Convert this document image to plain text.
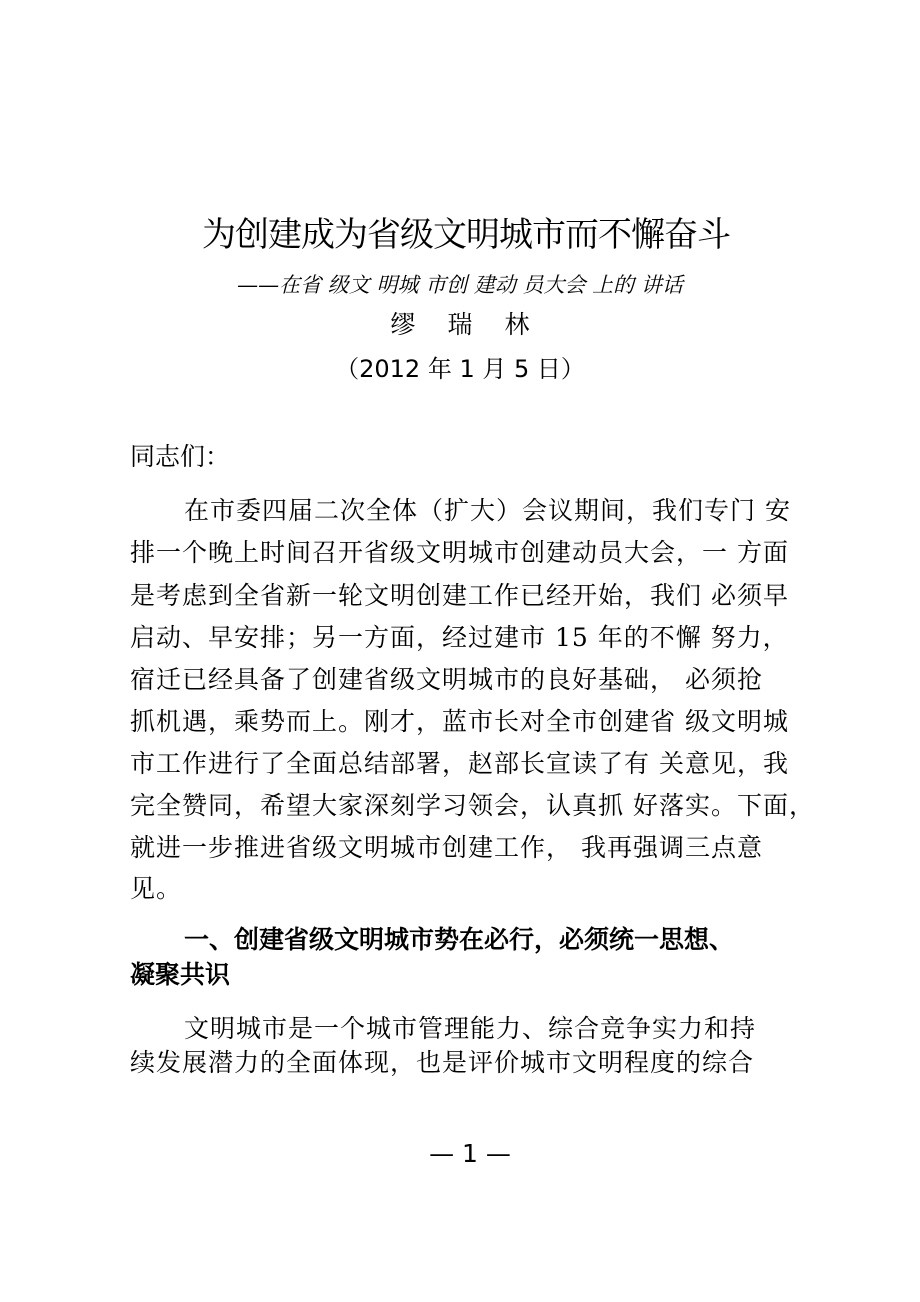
为创建成为省级文明城市而不懈奋斗
——在省 级文 明城 市创 建动 员大会 上的 讲话
缪 瑞 林
（2012 年 1 月 5 日）
同志们：
在市委四届二次全体（扩大）会议期间，我们专门 安
排一个晚上时间召开省级文明城市创建动员大会，一 方面
是考虑到全省新一轮文明创建工作已经开始，我们 必须早
启动、早安排；另一方面，经过建市 15 年的不懈 努力，
宿迁已经具备了创建省级文明城市的良好基础， 必须抢
抓机遇，乘势而上。刚才，蓝市长对全市创建省 级文明城
市工作进行了全面总结部署，赵部长宣读了有 关意见，我
完全赞同，希望大家深刻学习领会，认真抓 好落实。下面，
就进一步推进省级文明城市创建工作， 我再强调三点意
见。
一、创建省级文明城市势在必行，必须统一思想、
凝聚共识
文明城市是一个城市管理能力、综合竞争实力和持
续发展潜力的全面体现，也是评价城市文明程度的综合
— 1 —
